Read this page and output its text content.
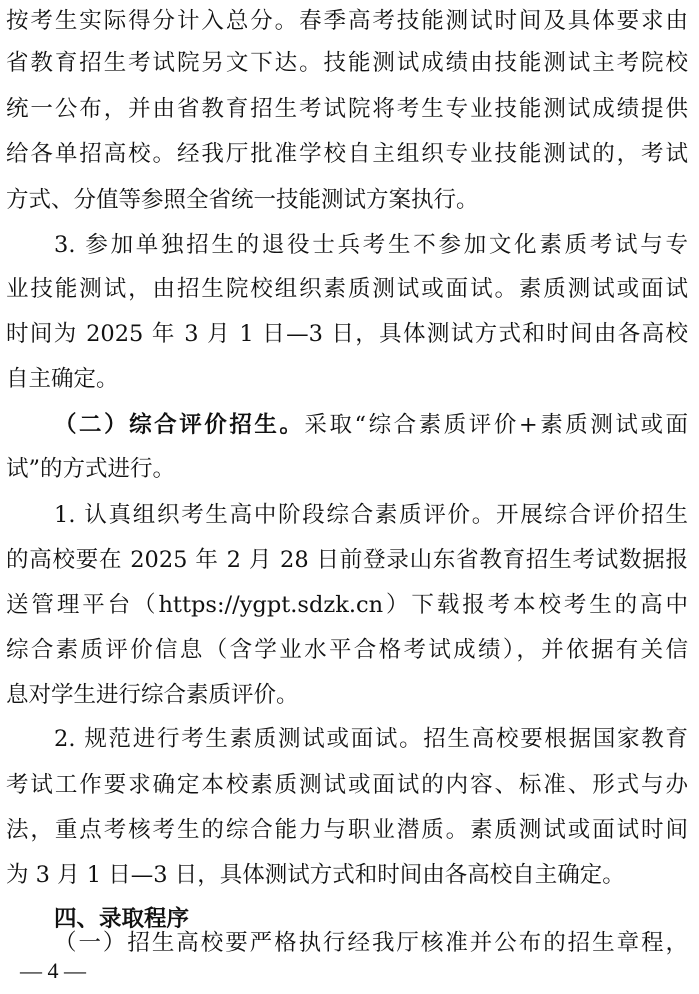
按考生实际得分计入总分。春季高考技能测试时间及具体要求由
省教育招生考试院另文下达。技能测试成绩由技能测试主考院校
统一公布，并由省教育招生考试院将考生专业技能测试成绩提供
给各单招高校。经我厅批准学校自主组织专业技能测试的，考试
方式、分值等参照全省统一技能测试方案执行。
3. 参加单独招生的退役士兵考生不参加文化素质考试与专
业技能测试，由招生院校组织素质测试或面试。素质测试或面试
时间为 2025 年 3 月 1 日—3 日，具体测试方式和时间由各高校
自主确定。
（二）综合评价招生。采取“综合素质评价+素质测试或面
试”的方式进行。
1. 认真组织考生高中阶段综合素质评价。开展综合评价招生
的高校要在 2025 年 2 月 28 日前登录山东省教育招生考试数据报
送管理平台（https://ygpt.sdzk.cn）下载报考本校考生的高中
综合素质评价信息（含学业水平合格考试成绩），并依据有关信
息对学生进行综合素质评价。
2. 规范进行考生素质测试或面试。招生高校要根据国家教育
考试工作要求确定本校素质测试或面试的内容、标准、形式与办
法，重点考核考生的综合能力与职业潜质。素质测试或面试时间
为 3 月 1 日—3 日，具体测试方式和时间由各高校自主确定。
四、录取程序
（一）招生高校要严格执行经我厅核准并公布的招生章程，
— 4 —
